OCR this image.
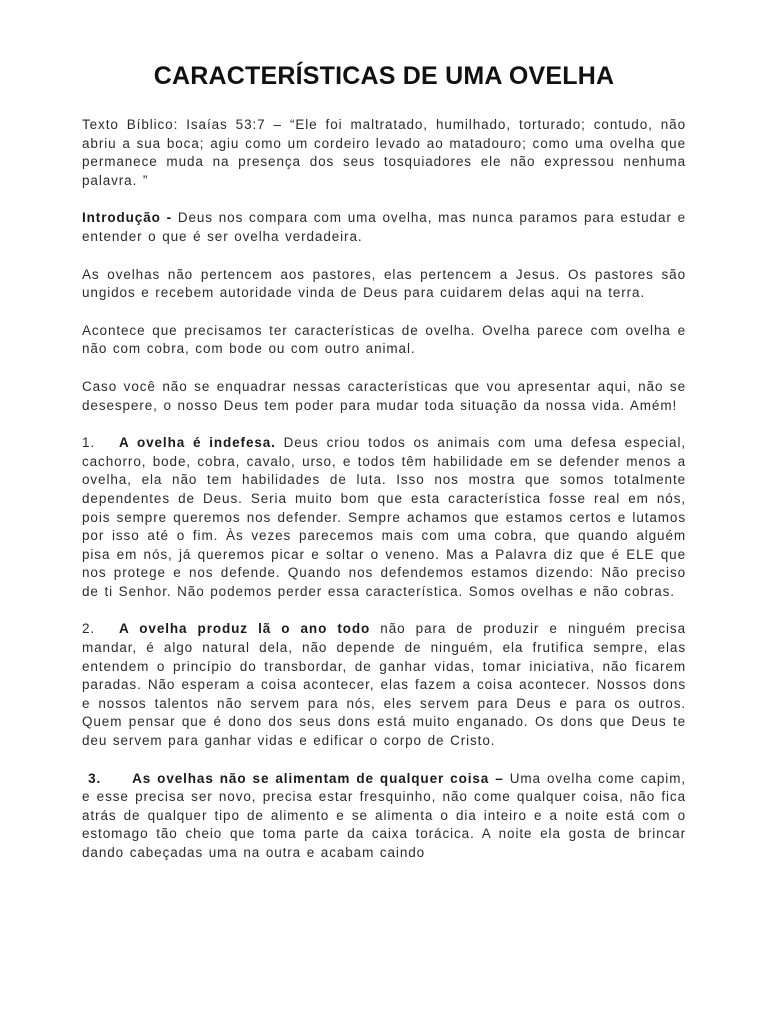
CARACTERÍSTICAS DE UMA OVELHA

Texto Bíblico: Isaías 53:7 – “Ele foi maltratado, humilhado, torturado; contudo, não abriu a sua boca; agiu como um cordeiro levado ao matadouro; como uma ovelha que permanece muda na presença dos seus tosquiadores ele não expressou nenhuma palavra. ”

Introdução - Deus nos compara com uma ovelha, mas nunca paramos para estudar e entender o que é ser ovelha verdadeira.

As ovelhas não pertencem aos pastores, elas pertencem a Jesus. Os pastores são ungidos e recebem autoridade vinda de Deus para cuidarem delas aqui na terra.

Acontece que precisamos ter características de ovelha. Ovelha parece com ovelha e não com cobra, com bode ou com outro animal.

Caso você não se enquadrar nessas características que vou apresentar aqui, não se desespere, o nosso Deus tem poder para mudar toda situação da nossa vida. Amém!

1. A ovelha é indefesa. Deus criou todos os animais com uma defesa especial, cachorro, bode, cobra, cavalo, urso, e todos têm habilidade em se defender menos a ovelha, ela não tem habilidades de luta. Isso nos mostra que somos totalmente dependentes de Deus. Seria muito bom que esta característica fosse real em nós, pois sempre queremos nos defender. Sempre achamos que estamos certos e lutamos por isso até o fim. Às vezes parecemos mais com uma cobra, que quando alguém pisa em nós, já queremos picar e soltar o veneno. Mas a Palavra diz que é ELE que nos protege e nos defende. Quando nos defendemos estamos dizendo: Não preciso de ti Senhor. Não podemos perder essa característica. Somos ovelhas e não cobras.

2. A ovelha produz lã o ano todo não para de produzir e ninguém precisa mandar, é algo natural dela, não depende de ninguém, ela frutifica sempre, elas entendem o princípio do transbordar, de ganhar vidas, tomar iniciativa, não ficarem paradas. Não esperam a coisa acontecer, elas fazem a coisa acontecer. Nossos dons e nossos talentos não servem para nós, eles servem para Deus e para os outros. Quem pensar que é dono dos seus dons está muito enganado. Os dons que Deus te deu servem para ganhar vidas e edificar o corpo de Cristo.

3. As ovelhas não se alimentam de qualquer coisa – Uma ovelha come capim, e esse precisa ser novo, precisa estar fresquinho, não come qualquer coisa, não fica atrás de qualquer tipo de alimento e se alimenta o dia inteiro e a noite está com o estomago tão cheio que toma parte da caixa torácica. A noite ela gosta de brincar dando cabeçadas uma na outra e acabam caindo
